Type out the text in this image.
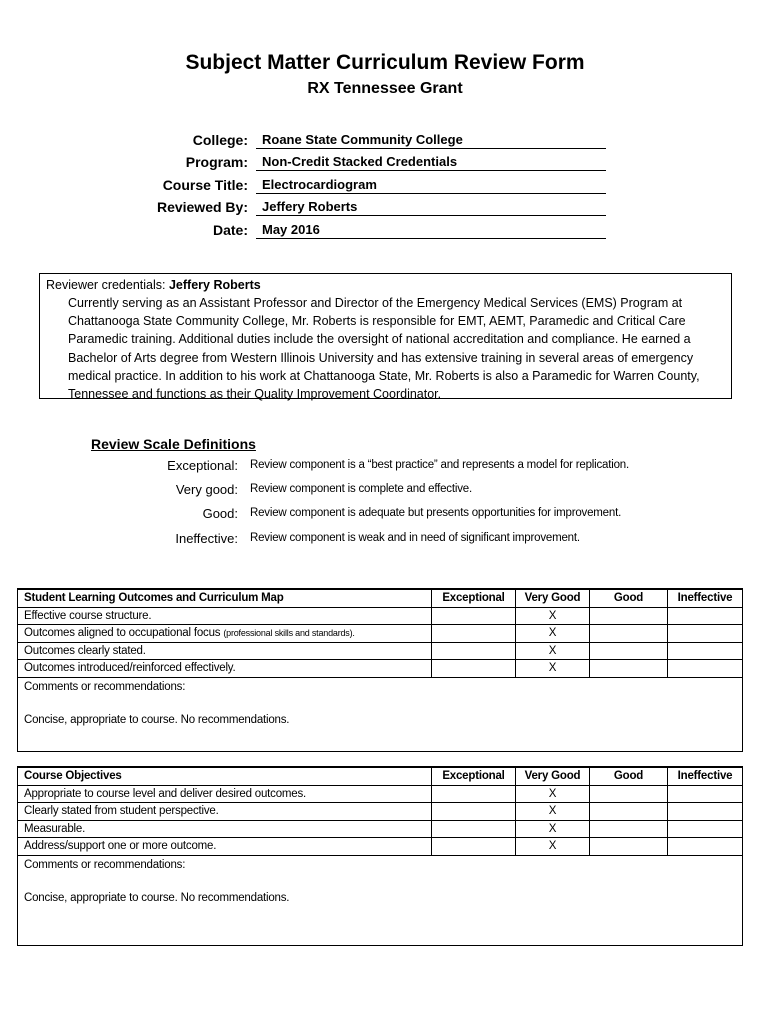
Subject Matter Curriculum Review Form
RX Tennessee Grant
College:	Roane State Community College
Program:	Non-Credit Stacked Credentials
Course Title:	Electrocardiogram
Reviewed By:	Jeffery Roberts
Date:	May 2016
Reviewer credentials: Jeffery Roberts
Currently serving as an Assistant Professor and Director of the Emergency Medical Services (EMS) Program at Chattanooga State Community College, Mr. Roberts is responsible for EMT, AEMT, Paramedic and Critical Care Paramedic training. Additional duties include the oversight of national accreditation and compliance. He earned a Bachelor of Arts degree from Western Illinois University and has extensive training in several areas of emergency medical practice. In addition to his work at Chattanooga State, Mr. Roberts is also a Paramedic for Warren County, Tennessee and functions as their Quality Improvement Coordinator.
Review Scale Definitions
Exceptional: Review component is a “best practice” and represents a model for replication.
Very good: Review component is complete and effective.
Good: Review component is adequate but presents opportunities for improvement.
Ineffective: Review component is weak and in need of significant improvement.
Student Learning Outcomes and Curriculum Map	Exceptional	Very Good	Good	Ineffective
Effective course structure.		X		
Outcomes aligned to occupational focus (professional skills and standards).		X		
Outcomes clearly stated.		X		
Outcomes introduced/reinforced effectively.		X		
Comments or recommendations:
Concise, appropriate to course. No recommendations.				
Course Objectives	Exceptional	Very Good	Good	Ineffective
Appropriate to course level and deliver desired outcomes.		X		
Clearly stated from student perspective.		X		
Measurable.		X		
Address/support one or more outcome.		X		
Comments or recommendations:
Concise, appropriate to course. No recommendations.				
